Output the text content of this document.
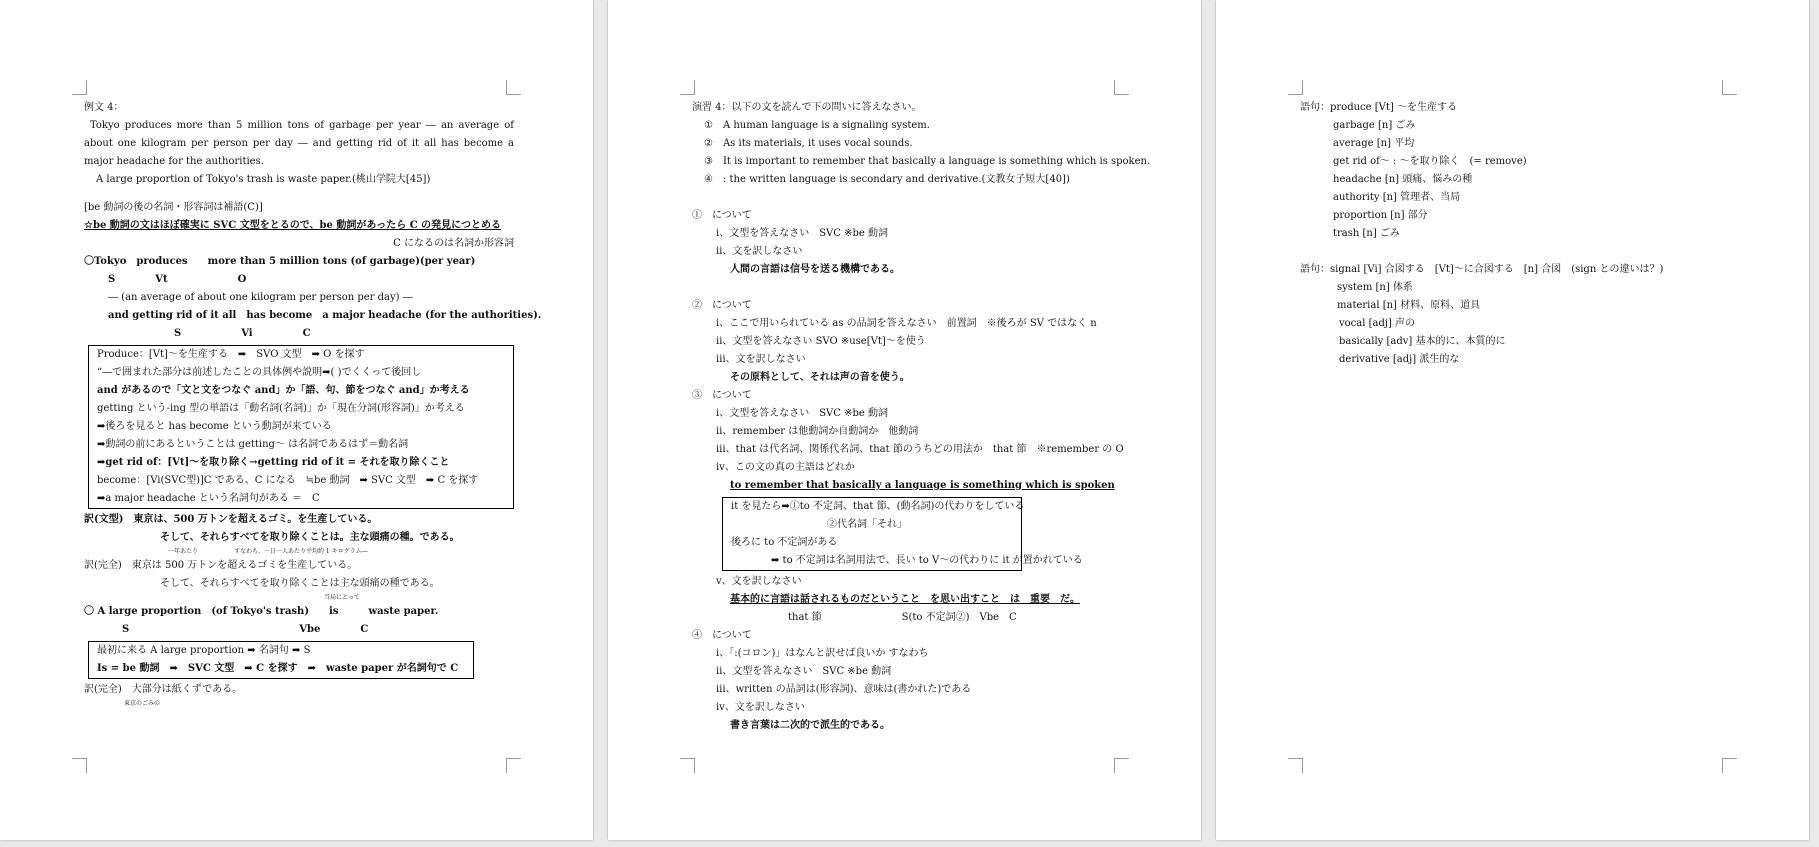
例文 4：
Tokyo produces more than 5 million tons of garbage per year ― an average of about one kilogram per person per day ― and getting rid of it all has become a major headache for the authorities.
A large proportion of Tokyo's trash is waste paper.(桃山学院大[45])
[be 動詞の後の名詞・形容詞は補語(C)]
☆be 動詞の文はほぼ確実に SVC 文型をとるので、be 動詞があったら C の発見につとめる
C になるのは名詞か形容詞
〇Tokyo　produces　　more than 5 million tons (of garbage)(per year)
S　　　　Vt　　　　　　　O
― (an average of about one kilogram per person per day) ―
and getting rid of it all　has become　a major headache (for the authorities).
S　　　　　　Vi　　　　　C
Produce：[Vt]～を生産する　➡　SVO 文型　➡ O を探す
“―で囲まれた部分は前述したことの具体例や説明➡( )でくくって後回し
and があるので「文と文をつなぐ and」か「語、句、節をつなぐ and」か考える
getting という-ing 型の単語は「動名詞(名詞)」か「現在分詞(形容詞)」か考える
➡後ろを見ると has become という動詞が来ている
➡動詞の前にあるということは getting～ は名詞であるはず＝動名詞
➡get rid of：[Vt]～を取り除く→getting rid of it = それを取り除くこと
become：[Vi(SVC型)]C である、C になる　≒be 動詞　➡ SVC 文型　➡ C を探す
➡a major headache という名詞句がある ＝　C
訳(文型)　東京は、500 万トンを超えるゴミ。を生産している。
そして、それらすべてを取り除くことは。主な頭痛の種。である。
一年あたり　　　　　　すなわち、一日一人あたり平均約 1 キログラム―
訳(完全)　東京は 500 万トンを超えるゴミを生産している。
そして、それらすべてを取り除くことは主な頭痛の種である。
当局にとって
〇 A large proportion　(of Tokyo's trash)　　is　　　waste paper.
S　　　　　　　　　　　　　　　　　Vbe　　　　C
最初に来る A large proportion ➡ 名詞句 ➡ S
Is = be 動詞　➡　SVC 文型　➡ C を探す　➡　waste paper が名詞句で C
訳(完全)　大部分は紙くずである。
東京のごみの
演習 4：以下の文を読んで下の問いに答えなさい。
①　A human language is a signaling system.
②　As its materials, it uses vocal sounds.
③　It is important to remember that basically a language is something which is spoken.
④　: the written language is secondary and derivative.(文教女子短大[40])
①　について
ⅰ、文型を答えなさい　SVC ※be 動詞
ⅱ、文を訳しなさい
人間の言語は信号を送る機構である。
②　について
ⅰ、ここで用いられている as の品詞を答えなさい　前置詞　※後ろが SV ではなく n
ⅱ、文型を答えなさい SVO ※use[Vt]～を使う
ⅲ、文を訳しなさい
その原料として、それは声の音を使う。
③　について
ⅰ、文型を答えなさい　SVC ※be 動詞
ⅱ、remember は他動詞か自動詞か　他動詞
ⅲ、that は代名詞、関係代名詞、that 節のうちどの用法か　that 節　※remember の O
ⅳ、この文の真の主語はどれか
to remember that basically a language is something which is spoken
it を見たら➡①to 不定詞、that 節、(動名詞)の代わりをしている
②代名詞「それ」
後ろに to 不定詞がある
➡ to 不定詞は名詞用法で、長い to V～の代わりに it が置かれている
ⅴ、文を訳しなさい
基本的に言語は話されるものだということ　を思い出すこと　は　重要　だ。
that 節　　　　　　　　S(to 不定詞②)　Vbe　C
④　について
ⅰ、「:(コロン)」はなんと訳せば良いか すなわち
ⅱ、文型を答えなさい　SVC ※be 動詞
ⅲ、written の品詞は(形容詞)、意味は(書かれた)である
ⅳ、文を訳しなさい
書き言葉は二次的で派生的である。
語句：produce [Vt] ～を生産する
garbage [n] ごみ
average [n] 平均
get rid of～ : ～を取り除く　(= remove)
headache [n] 頭痛、悩みの種
authority [n] 管理者、当局
proportion [n] 部分
trash [n] ごみ
語句：signal [Vi] 合図する　[Vt]～に合図する　[n] 合図　(sign との違いは？)
system [n] 体系
material [n] 材料、原料、道具
vocal [adj] 声の
basically [adv] 基本的に、本質的に
derivative [adj] 派生的な
